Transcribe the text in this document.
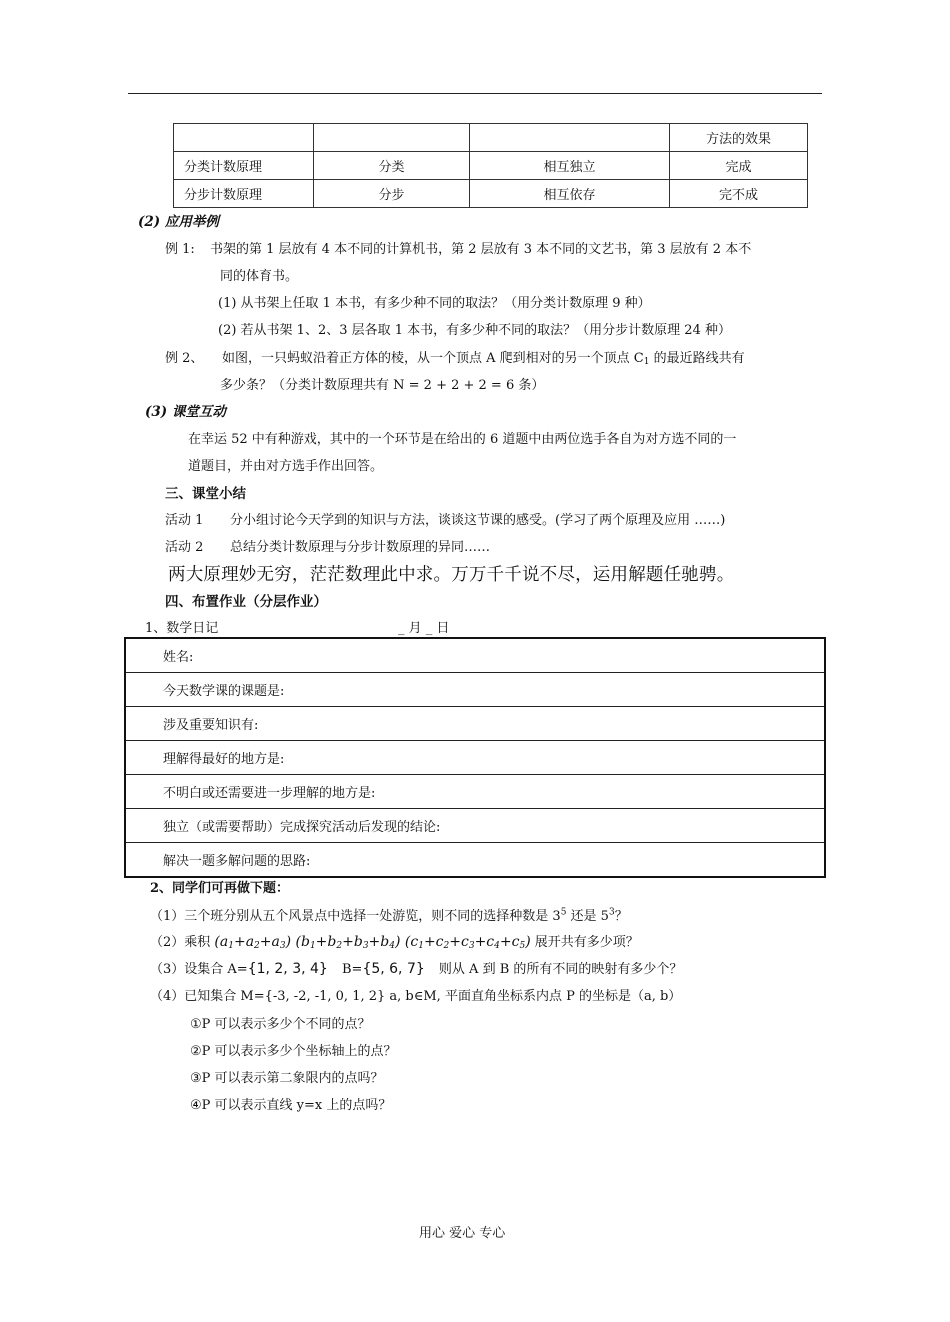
			方法的效果
分类计数原理	分类	相互独立	完成
分步计数原理	分步	相互依存	完不成
(2) 应用举例
例 1: 书架的第 1 层放有 4 本不同的计算机书，第 2 层放有 3 本不同的文艺书，第 3 层放有 2 本不
同的体育书。
(1) 从书架上任取 1 本书，有多少种不同的取法？（用分类计数原理 9 种）
(2) 若从书架 1、2、3 层各取 1 本书，有多少种不同的取法？（用分步计数原理 24 种）
例 2、 如图，一只蚂蚁沿着正方体的棱，从一个顶点 A 爬到相对的另一个顶点 $C_1$ 的最近路线共有
多少条？（分类计数原理共有 N = 2 + 2 + 2 = 6 条）
(3) 课堂互动
在幸运 52 中有种游戏，其中的一个环节是在给出的 6 道题中由两位选手各自为对方选不同的一
道题目，并由对方选手作出回答。
三、课堂小结
活动 1 分小组讨论今天学到的知识与方法，谈谈这节课的感受。(学习了两个原理及应用 ……)
活动 2 总结分类计数原理与分步计数原理的异同……
两大原理妙无穷，茫茫数理此中求。万万千千说不尽，运用解题任驰骋。
四、布置作业（分层作业）
1、数学日记	_ 月 _ 日
姓名:
今天数学课的课题是:
涉及重要知识有:
理解得最好的地方是:
不明白或还需要进一步理解的地方是:
独立（或需要帮助）完成探究活动后发现的结论:
解决一题多解问题的思路:
2、同学们可再做下题：
（1）三个班分别从五个风景点中选择一处游览，则不同的选择种数是 $3^5$ 还是 $5^3$？
（2）乘积 $(a_1+a_2+a_3)$ $(b_1+b_2+b_3+b_4)$ $(c_1+c_2+c_3+c_4+c_5)$ 展开共有多少项？
（3）设集合 A={1, 2, 3, 4} B={5, 6, 7} 则从 A 到 B 的所有不同的映射有多少个？
（4）已知集合 M={-3, -2, -1, 0, 1, 2} a, b∈M, 平面直角坐标系内点 P 的坐标是（a, b）
①P 可以表示多少个不同的点？
②P 可以表示多少个坐标轴上的点？
③P 可以表示第二象限内的点吗？
④P 可以表示直线 y=x 上的点吗？
用心 爱心 专心
